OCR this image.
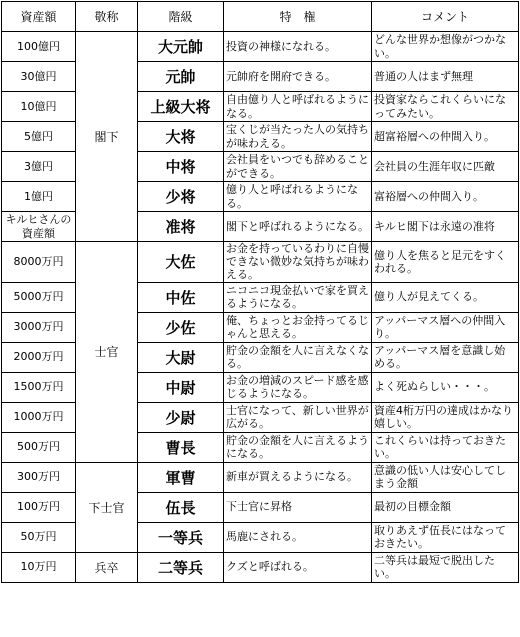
資産額	敬称	階級	特　権	コメント
100億円	閣下	大元帥	投資の神様になれる。	どんな世界か想像がつかない。
30億円		元帥	元帥府を開府できる。	普通の人はまず無理
10億円		上級大将	自由億り人と呼ばれるようになる。	投資家ならこれくらいになってみたい。
5億円		大将	宝くじが当たった人の気持ちが味わえる。	超富裕層への仲間入り。
3億円		中将	会社員をいつでも辞めることができる。	会社員の生涯年収に匹敵
1億円		少将	億り人と呼ばれるようになる。	富裕層への仲間入り。
キルヒさんの資産額		准将	閣下と呼ばれるようになる。	キルヒ閣下は永遠の准将
8000万円	士官	大佐	お金を持っているわりに自慢できない微妙な気持ちが味わえる。	億り人を焦ると足元をすくわれる。
5000万円		中佐	ニコニコ現金払いで家を買えるようになる。	億り人が見えてくる。
3000万円		少佐	俺、ちょっとお金持ってるじゃんと思える。	アッパーマス層への仲間入り。
2000万円		大尉	貯金の金額を人に言えなくなる。	アッパーマス層を意識し始める。
1500万円		中尉	お金の増減のスピード感を感じるようになる。	よく死ぬらしい・・・。
1000万円		少尉	士官になって、新しい世界が広がる。	資産4桁万円の達成はかなり嬉しい。
500万円		曹長	貯金の金額を人に言えるようになる。	これくらいは持っておきたい。
300万円	下士官	軍曹	新車が買えるようになる。	意識の低い人は安心してしまう金額
100万円		伍長	下士官に昇格	最初の目標金額
50万円		一等兵	馬鹿にされる。	取りあえず伍長にはなっておきたい。
10万円	兵卒	二等兵	クズと呼ばれる。	二等兵は最短で脱出したい。
